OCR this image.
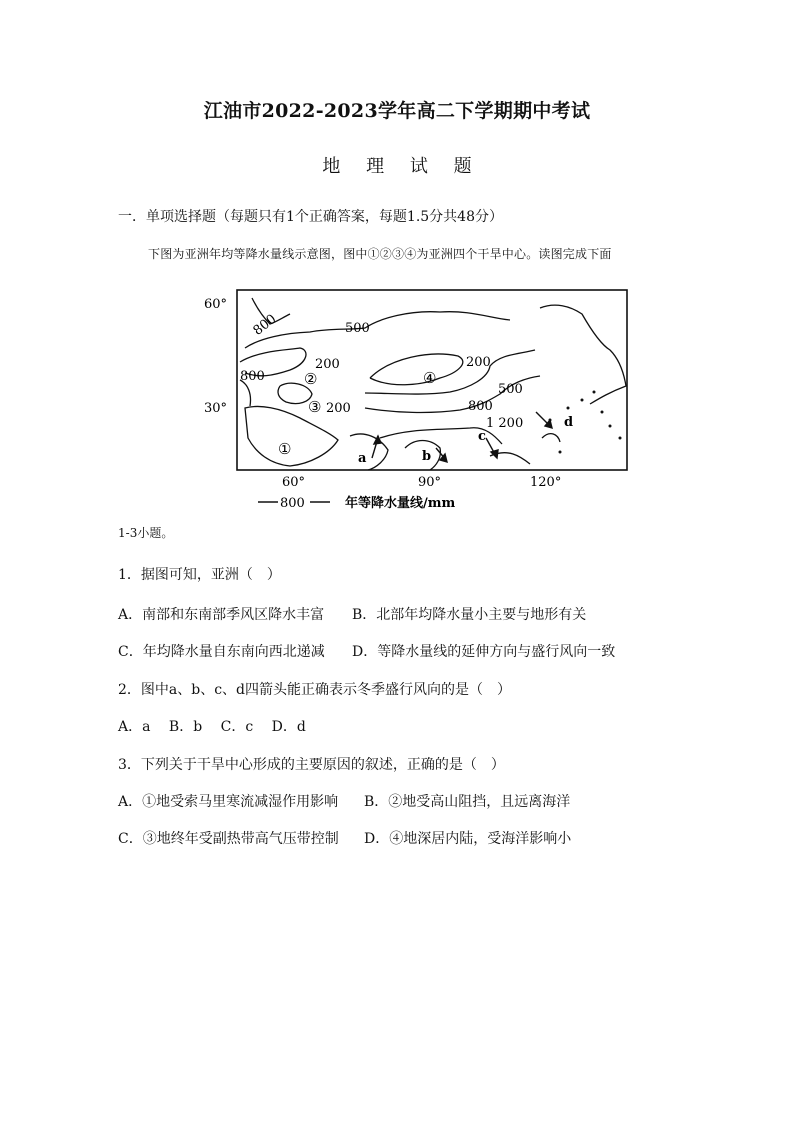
江油市2022-2023学年高二下学期期中考试
地 理 试 题
一．单项选择题（每题只有1个正确答案，每题1.5分共48分）
下图为亚洲年均等降水量线示意图，图中①②③④为亚洲四个干旱中心。读图完成下面
60°
30°
60°	90°	120°
800	500
200
800
200
200
500
800
1 200
①
②
③
④
a	b
c
d
800	年等降水量线/mm
1-3小题。
1．据图可知，亚洲（　）
A．南部和东南部季风区降水丰富 B．北部年均降水量小主要与地形有关
C．年均降水量自东南向西北递减 D．等降水量线的延伸方向与盛行风向一致
2．图中a、b、c、d四箭头能正确表示冬季盛行风向的是（　）
A．a　 B．b　 C．c　 D．d
3．下列关于干旱中心形成的主要原因的叙述，正确的是（　）
A．①地受索马里寒流减湿作用影响 B．②地受高山阻挡，且远离海洋
C．③地终年受副热带高气压带控制 D．④地深居内陆，受海洋影响小
